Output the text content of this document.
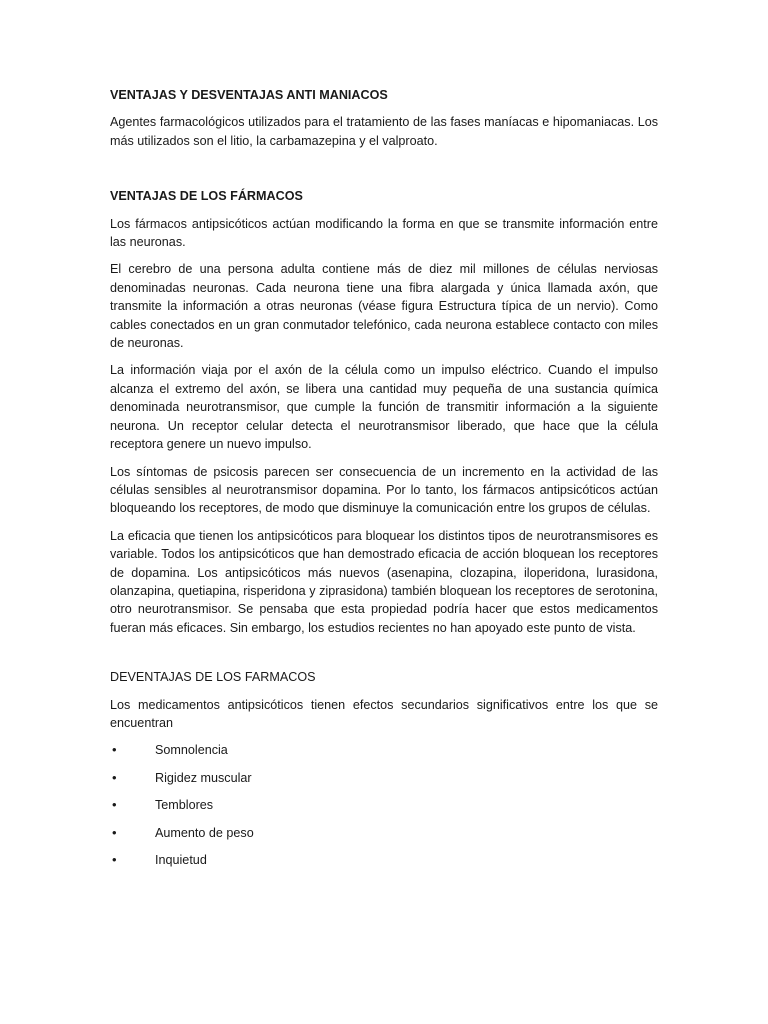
VENTAJAS Y DESVENTAJAS ANTI MANIACOS

Agentes farmacológicos utilizados para el tratamiento de las fases maníacas e hipomaniacas. Los más utilizados son el litio, la carbamazepina y el valproato.

VENTAJAS DE LOS FÁRMACOS

Los fármacos antipsicóticos actúan modificando la forma en que se transmite información entre las neuronas.

El cerebro de una persona adulta contiene más de diez mil millones de células nerviosas denominadas neuronas. Cada neurona tiene una fibra alargada y única llamada axón, que transmite la información a otras neuronas (véase figura Estructura típica de un nervio). Como cables conectados en un gran conmutador telefónico, cada neurona establece contacto con miles de neuronas.

La información viaja por el axón de la célula como un impulso eléctrico. Cuando el impulso alcanza el extremo del axón, se libera una cantidad muy pequeña de una sustancia química denominada neurotransmisor, que cumple la función de transmitir información a la siguiente neurona. Un receptor celular detecta el neurotransmisor liberado, que hace que la célula receptora genere un nuevo impulso.

Los síntomas de psicosis parecen ser consecuencia de un incremento en la actividad de las células sensibles al neurotransmisor dopamina. Por lo tanto, los fármacos antipsicóticos actúan bloqueando los receptores, de modo que disminuye la comunicación entre los grupos de células.

La eficacia que tienen los antipsicóticos para bloquear los distintos tipos de neurotransmisores es variable. Todos los antipsicóticos que han demostrado eficacia de acción bloquean los receptores de dopamina. Los antipsicóticos más nuevos (asenapina, clozapina, iloperidona, lurasidona, olanzapina, quetiapina, risperidona y ziprasidona) también bloquean los receptores de serotonina, otro neurotransmisor. Se pensaba que esta propiedad podría hacer que estos medicamentos fueran más eficaces. Sin embargo, los estudios recientes no han apoyado este punto de vista.

DEVENTAJAS DE LOS FARMACOS

Los medicamentos antipsicóticos tienen efectos secundarios significativos entre los que se encuentran

•	Somnolencia
•	Rigidez muscular
•	Temblores
•	Aumento de peso
•	Inquietud
